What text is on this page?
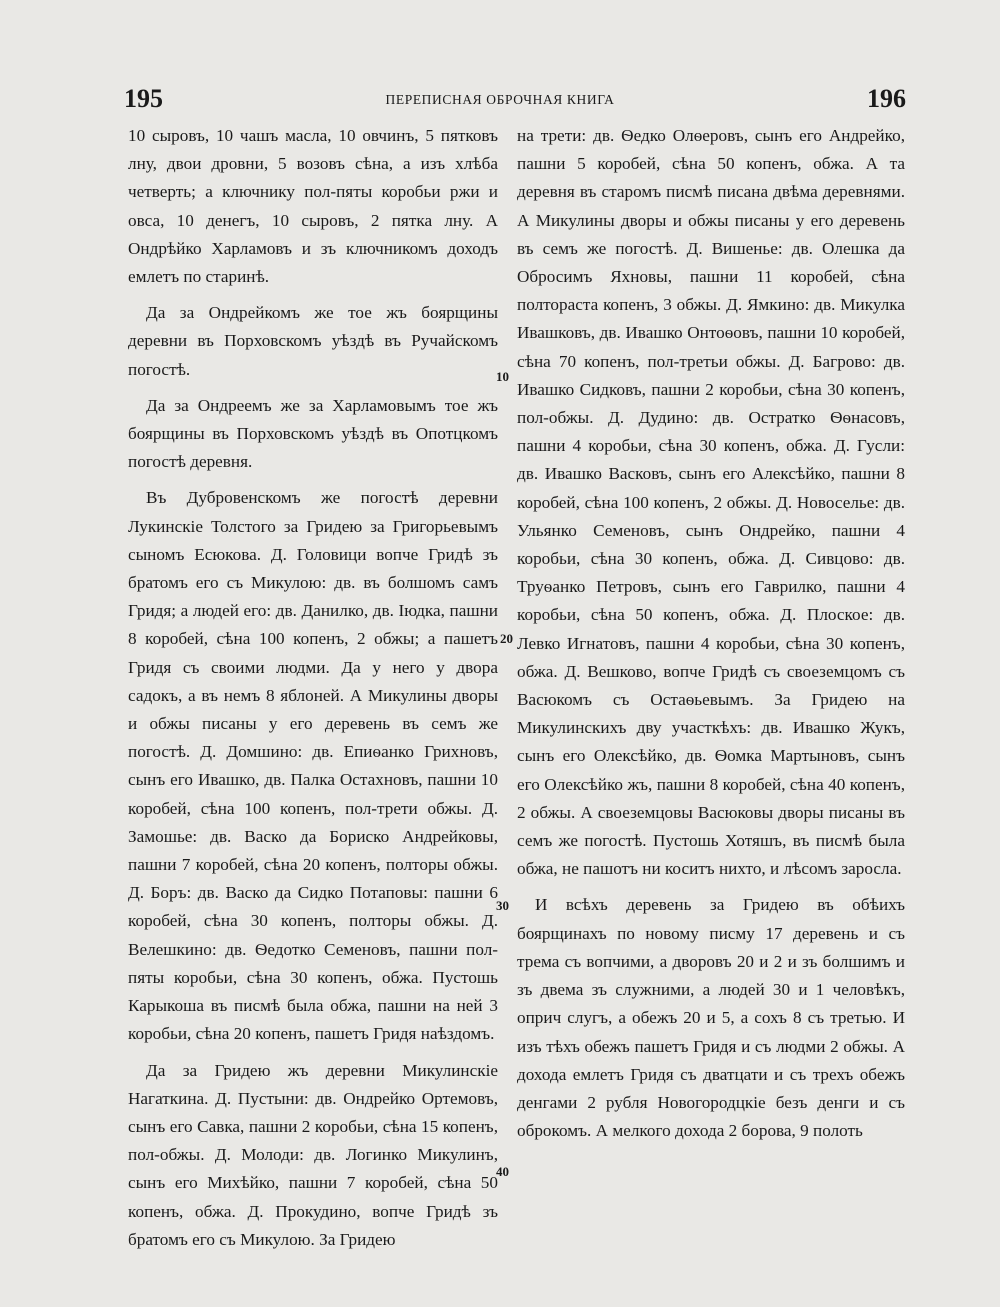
195	ПЕРЕПИСНАЯ ОБРОЧНАЯ КНИГА	196

10 сыровъ, 10 чашъ масла, 10 овчинъ, 5 пятковъ лну, двои дровни, 5 возовъ сѣна, а изъ хлѣба четверть; а ключнику пол-пяты коробьи ржи и овса, 10 денегъ, 10 сыровъ, 2 пятка лну. А Ондрѣйко Харламовъ и зъ ключникомъ доходъ емлетъ по старинѣ.

Да за Ондрейкомъ же тое жъ боярщины деревни въ Порховскомъ уѣздѣ въ Ручайскомъ погостѣ.

Да за Ондреемъ же за Харламовымъ тое жъ боярщины въ Порховскомъ уѣздѣ въ Опотцкомъ погостѣ деревня.

Въ Дубровенскомъ же погостѣ деревни Лукинскіе Толстого за Гридею за Григорьевымъ сыномъ Есюкова. Д. Головици вопче Гридѣ зъ братомъ его съ Микулою: дв. въ болшомъ самъ Гридя; а людей его: дв. Данилко, дв. Іюдка, пашни 8 коробей, сѣна 100 копенъ, 2 обжы; а пашетъ Гридя съ своими людми. Да у него у двора садокъ, а въ немъ 8 яблоней. А Микулины дворы и обжы писаны у его деревень въ семъ же погостѣ. Д. Домшино: дв. Епиѳанко Грихновъ, сынъ его Ивашко, дв. Палка Остахновъ, пашни 10 коробей, сѣна 100 копенъ, пол-трети обжы. Д. Замошье: дв. Васко да Бориско Андрейковы, пашни 7 коробей, сѣна 20 копенъ, полторы обжы. Д. Боръ: дв. Васко да Сидко Потаповы: пашни 6 коробей, сѣна 30 копенъ, полторы обжы. Д. Велешкино: дв. Ѳедотко Семеновъ, пашни пол-пяты коробьи, сѣна 30 копенъ, обжа. Пустошь Карыкоша въ писмѣ была обжа, пашни на ней 3 коробьи, сѣна 20 копенъ, пашетъ Гридя наѣздомъ.

Да за Гридею жъ деревни Микулинскіе Нагаткина. Д. Пустыни: дв. Ондрейко Ортемовъ, сынъ его Савка, пашни 2 коробьи, сѣна 15 копенъ, пол-обжы. Д. Молоди: дв. Логинко Микулинъ, сынъ его Михѣйко, пашни 7 коробей, сѣна 50 копенъ, обжа. Д. Прокудино, вопче Гридѣ зъ братомъ его съ Микулою. За Гридею

на трети: дв. Ѳедко Олѳеровъ, сынъ его Андрейко, пашни 5 коробей, сѣна 50 копенъ, обжа. А та деревня въ старомъ писмѣ писана двѣма деревнями. А Микулины дворы и обжы писаны у его деревень въ семъ же погостѣ. Д. Вишенье: дв. Олешка да Обросимъ Яхновы, пашни 11 коробей, сѣна полтораста копенъ, 3 обжы. Д. Ямкино: дв. Микулка Ивашковъ, дв. Ивашко Онтоѳовъ, пашни 10 коробей, сѣна 70 копенъ, пол-третьи обжы. Д. Багрово: дв. Ивашко Сидковъ, пашни 2 коробьи, сѣна 30 копенъ, пол-обжы. Д. Дудино: дв. Остратко Ѳѳнасовъ, пашни 4 коробьи, сѣна 30 копенъ, обжа. Д. Гусли: дв. Ивашко Васковъ, сынъ его Алексѣйко, пашни 8 коробей, сѣна 100 копенъ, 2 обжы. Д. Новоселье: дв. Ульянко Семеновъ, сынъ Ондрейко, пашни 4 коробьи, сѣна 30 копенъ, обжа. Д. Сивцово: дв. Труѳанко Петровъ, сынъ его Гаврилко, пашни 4 коробьи, сѣна 50 копенъ, обжа. Д. Плоское: дв. Левко Игнатовъ, пашни 4 коробьи, сѣна 30 копенъ, обжа. Д. Вешково, вопче Гридѣ съ своеземцомъ съ Васюкомъ съ Остаѳьевымъ. За Гридею на Микулинскихъ дву участкѣхъ: дв. Ивашко Жукъ, сынъ его Олексѣйко, дв. Ѳомка Мартыновъ, сынъ его Олексѣйко жъ, пашни 8 коробей, сѣна 40 копенъ, 2 обжы. А своеземцовы Васюковы дворы писаны въ семъ же погостѣ. Пустошь Хотяшъ, въ писмѣ была обжа, не пашотъ ни коситъ нихто, и лѣсомъ заросла.

И всѣхъ деревень за Гридею въ обѣихъ боярщинахъ по новому писму 17 деревень и съ трема съ вопчими, а дворовъ 20 и 2 и зъ болшимъ и зъ двема зъ служними, а людей 30 и 1 человѣкъ, оприч слугъ, а обежъ 20 и 5, а сохъ 8 съ третью. И изъ тѣхъ обежъ пашетъ Гридя и съ людми 2 обжы. А дохода емлетъ Гридя съ дватцати и съ трехъ обежъ денгами 2 рубля Новогородцкіе безъ денги и съ оброкомъ. А мелкого дохода 2 борова, 9 полоть

10
20
30
40
